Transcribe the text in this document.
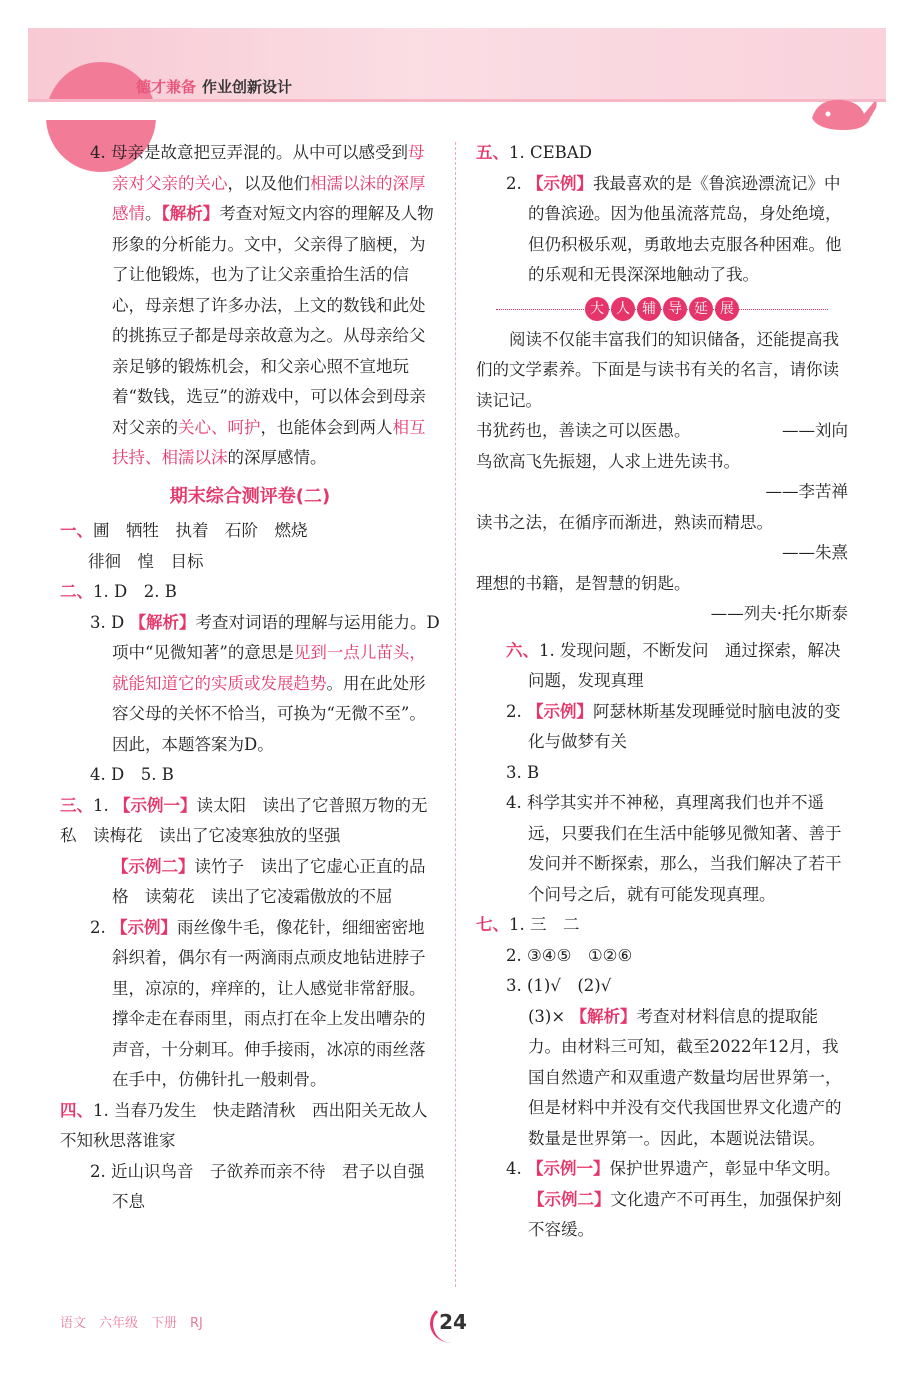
德才兼备 作业创新设计

4. 母亲是故意把豆弄混的。从中可以感受到母亲对父亲的关心，以及他们相濡以沫的深厚感情。【解析】考查对短文内容的理解及人物形象的分析能力。文中，父亲得了脑梗，为了让他锻炼，也为了让父亲重拾生活的信心，母亲想了许多办法，上文的数钱和此处的挑拣豆子都是母亲故意为之。从母亲给父亲足够的锻炼机会，和父亲心照不宣地玩着“数钱，选豆”的游戏中，可以体会到母亲对父亲的关心、呵护，也能体会到两人相互扶持、相濡以沫的深厚感情。

期末综合测评卷(二)

一、圃　牺牲　执着　石阶　燃烧

徘徊　惶　目标

二、1. D　2. B

3. D 【解析】考查对词语的理解与运用能力。D项中“见微知著”的意思是见到一点儿苗头，就能知道它的实质或发展趋势。用在此处形容父母的关怀不恰当，可换为“无微不至”。因此，本题答案为D。

4. D　5. B

三、1. 【示例一】读太阳　读出了它普照万物的无私　读梅花　读出了它凌寒独放的坚强

【示例二】读竹子　读出了它虚心正直的品格　读菊花　读出了它凌霜傲放的不屈

2. 【示例】雨丝像牛毛，像花针，细细密密地斜织着，偶尔有一两滴雨点顽皮地钻进脖子里，凉凉的，痒痒的，让人感觉非常舒服。

撑伞走在春雨里，雨点打在伞上发出嘈杂的声音，十分刺耳。伸手接雨，冰凉的雨丝落在手中，仿佛针扎一般刺骨。

四、1. 当春乃发生　快走踏清秋　西出阳关无故人　不知秋思落谁家

2. 近山识鸟音　子欲养而亲不待　君子以自强不息

五、1. CEBAD

2. 【示例】我最喜欢的是《鲁滨逊漂流记》中的鲁滨逊。因为他虽流落荒岛，身处绝境，但仍积极乐观，勇敢地去克服各种困难。他的乐观和无畏深深地触动了我。

大 人 辅 导 延 展

阅读不仅能丰富我们的知识储备，还能提高我们的文学素养。下面是与读书有关的名言，请你读读记记。

书犹药也，善读之可以医愚。	——刘向

鸟欲高飞先振翅，人求上进先读书。

——李苦禅

读书之法，在循序而渐进，熟读而精思。

——朱熹

理想的书籍，是智慧的钥匙。

——列夫·托尔斯泰

六、1. 发现问题，不断发问　通过探索，解决问题，发现真理

2. 【示例】阿瑟林斯基发现睡觉时脑电波的变化与做梦有关

3. B

4. 科学其实并不神秘，真理离我们也并不遥远，只要我们在生活中能够见微知著、善于发问并不断探索，那么，当我们解决了若干个问号之后，就有可能发现真理。

七、1. 三　二

2. ③④⑤　①②⑥

3. (1)√　(2)√

(3)× 【解析】考查对材料信息的提取能力。由材料三可知，截至2022年12月，我国自然遗产和双重遗产数量均居世界第一，但是材料中并没有交代我国世界文化遗产的数量是世界第一。因此，本题说法错误。

4. 【示例一】保护世界遗产，彰显中华文明。

【示例二】文化遗产不可再生，加强保护刻不容缓。

语文　六年级　下册　RJ	24
